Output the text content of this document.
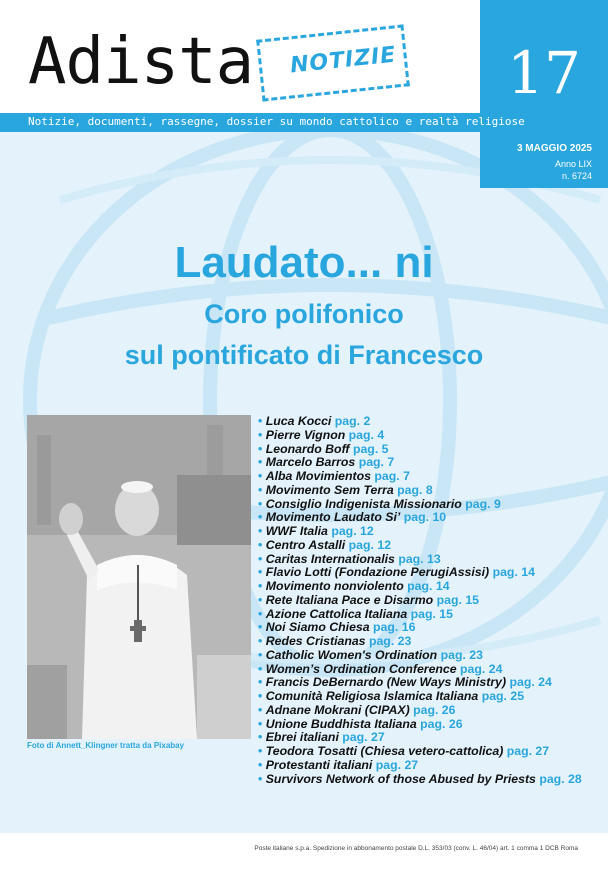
Adista NOTIZIE	17
Notizie, documenti, rassegne, dossier su mondo cattolico e realtà religiose
3 MAGGIO 2025
Anno LIX
n. 6724
Laudato... ni
Coro polifonico
sul pontificato di Francesco
Foto di Annett_Klingner tratta da Pixabay
• Luca Kocci pag. 2
• Pierre Vignon pag. 4
• Leonardo Boff pag. 5
• Marcelo Barros pag. 7
• Alba Movimientos pag. 7
• Movimento Sem Terra pag. 8
• Consiglio Indigenista Missionario pag. 9
• Movimento Laudato Si’ pag. 10
• WWF Italia pag. 12
• Centro Astalli pag. 12
• Caritas Internationalis pag. 13
• Flavio Lotti (Fondazione PerugiAssisi) pag. 14
• Movimento nonviolento pag. 14
• Rete Italiana Pace e Disarmo pag. 15
• Azione Cattolica Italiana pag. 15
• Noi Siamo Chiesa pag. 16
• Redes Cristianas pag. 23
• Catholic Women's Ordination pag. 23
• Women’s Ordination Conference pag. 24
• Francis DeBernardo (New Ways Ministry) pag. 24
• Comunità Religiosa Islamica Italiana pag. 25
• Adnane Mokrani (CIPAX) pag. 26
• Unione Buddhista Italiana pag. 26
• Ebrei italiani pag. 27
• Teodora Tosatti (Chiesa vetero-cattolica) pag. 27
• Protestanti italiani pag. 27
• Survivors Network of those Abused by Priests pag. 28
Poste italiane s.p.a. Spedizione in abbonamento postale D.L. 353/03 (conv. L. 46/04) art. 1 comma 1 DCB Roma
